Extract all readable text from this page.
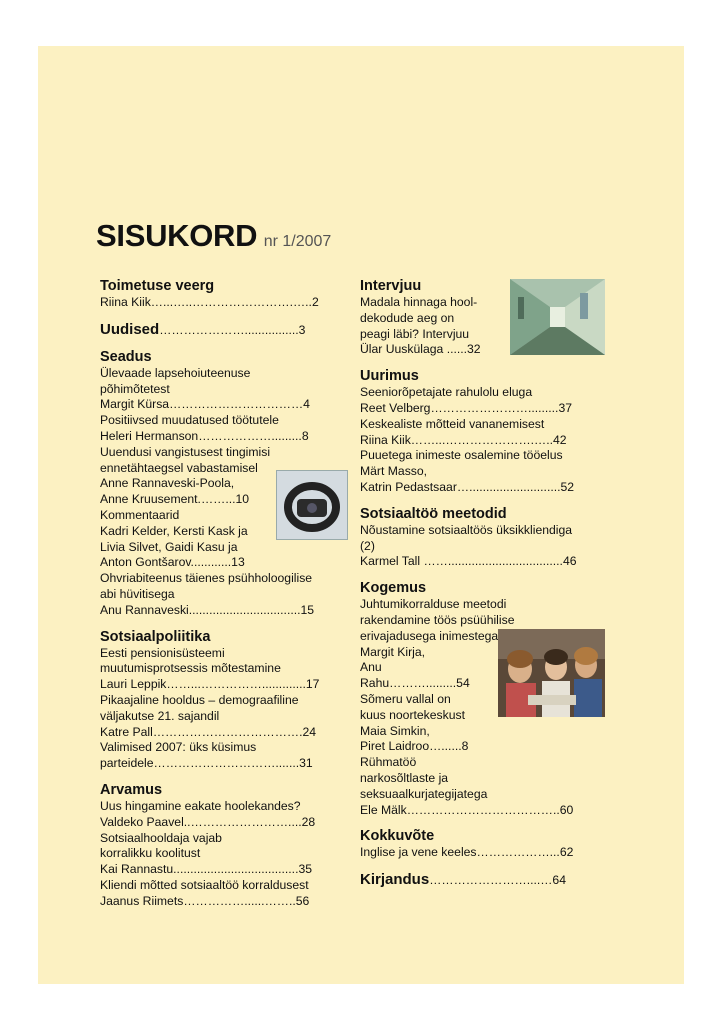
SISUKORD nr 1/2007
Toimetuse veerg
Riina Kiik…...…..…………………….…..2
Uudised…………………................3
Seadus
Ülevaade lapsehoiuteenuse
põhimõtetest
Margit Kürsa……………………………4
Positiivsed muudatused töötutele
Heleri Hermanson……………….........8
Uuendusi vangistusest tingimisi
ennetähtaegsel vabastamisel
Anne Rannaveski-Poola,
Anne Kruusement.……...10
Kommentaarid
Kadri Kelder, Kersti Kask ja
Livia Silvet, Gaidi Kasu ja
Anton Gontšarov............13
Ohvriabiteenus täienes psühholoogilise
abi hüvitisega
Anu Rannaveski.................................15
Sotsiaalpoliitika
Eesti pensionisüsteemi
muutumisprotsessis mõtestamine
Lauri Leppik……...…………….............17
Pikaajaline hooldus – demograafiline
väljakutse 21. sajandil
Katre Pall……………………………….24
Valimised 2007: üks küsimus
parteidele………………………….......31
Arvamus
Uus hingamine eakate hoolekandes?
Valdeko Paavel..……………………....28
Sotsiaalhooldaja vajab
korralikku koolitust
Kai Rannastu.....................................35
Kliendi mõtted sotsiaaltöö korraldusest
Jaanus Riimets……………......……..56
Intervjuu
Madala hinnaga hool-
dekodude aeg on
peagi läbi? Intervjuu
Ülar Uuskülaga ......32
Uurimus
Seeniorõpetajate rahulolu eluga
Reet Velberg…………………….........37
Keskealiste mõtteid vananemisest
Riina Kiik……...………………….…..42
Puuetega inimeste osalemine tööelus
Märt Masso,
Katrin Pedastsaar…...........................52
Sotsiaaltöö meetodid
Nõustamine sotsiaaltöös üksikkliendiga
(2)
Karmel Tall ……..................................46
Kogemus
Juhtumikorralduse meetodi
rakendamine töös psüühilise
erivajadusega inimestega
Margit Kirja,
Anu
Rahu……….........54
Sõmeru vallal on
kuus noortekeskust
Maia Simkin,
Piret Laidroo…......8
Rühmatöö
narkosõltlaste ja
seksuaalkurjategijatega
Ele Mälk………………………………..60
Kokkuvõte
Inglise ja vene keeles………………...62
Kirjandus……………………....…64
